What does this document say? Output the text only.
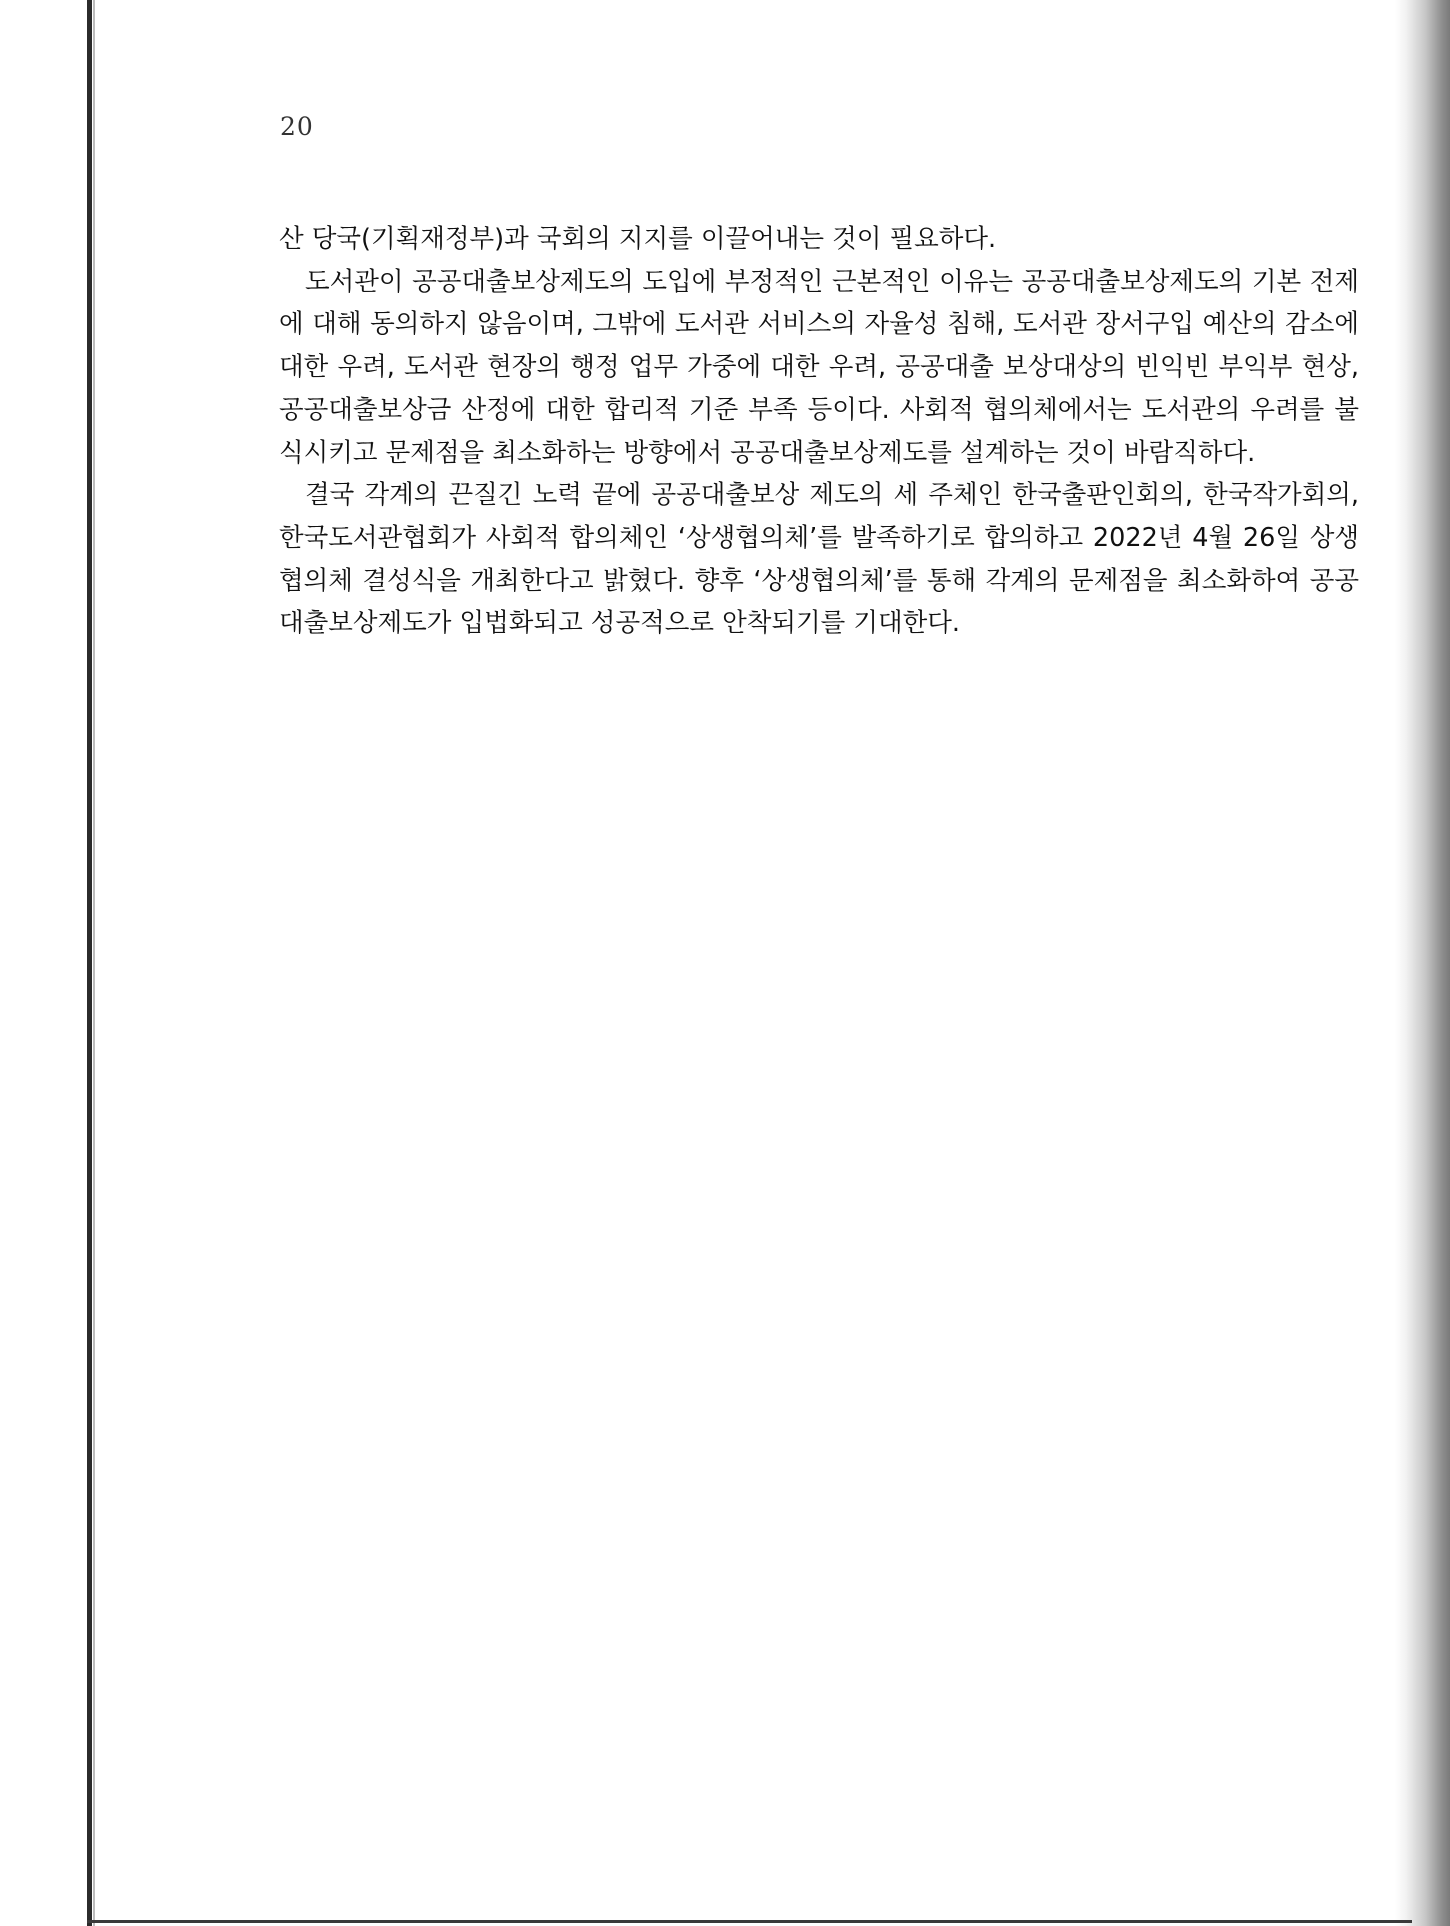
20

산 당국(기획재정부)과 국회의 지지를 이끌어내는 것이 필요하다.

도서관이 공공대출보상제도의 도입에 부정적인 근본적인 이유는 공공대출보상제도의 기본 전제에 대해 동의하지 않음이며, 그밖에 도서관 서비스의 자율성 침해, 도서관 장서구입 예산의 감소에 대한 우려, 도서관 현장의 행정 업무 가중에 대한 우려, 공공대출 보상대상의 빈익빈 부익부 현상, 공공대출보상금 산정에 대한 합리적 기준 부족 등이다. 사회적 협의체에서는 도서관의 우려를 불식시키고 문제점을 최소화하는 방향에서 공공대출보상제도를 설계하는 것이 바람직하다.

결국 각계의 끈질긴 노력 끝에 공공대출보상 제도의 세 주체인 한국출판인회의, 한국작가회의, 한국도서관협회가 사회적 합의체인 ‘상생협의체’를 발족하기로 합의하고 2022년 4월 26일 상생협의체 결성식을 개최한다고 밝혔다. 향후 ‘상생협의체’를 통해 각계의 문제점을 최소화하여 공공대출보상제도가 입법화되고 성공적으로 안착되기를 기대한다.
